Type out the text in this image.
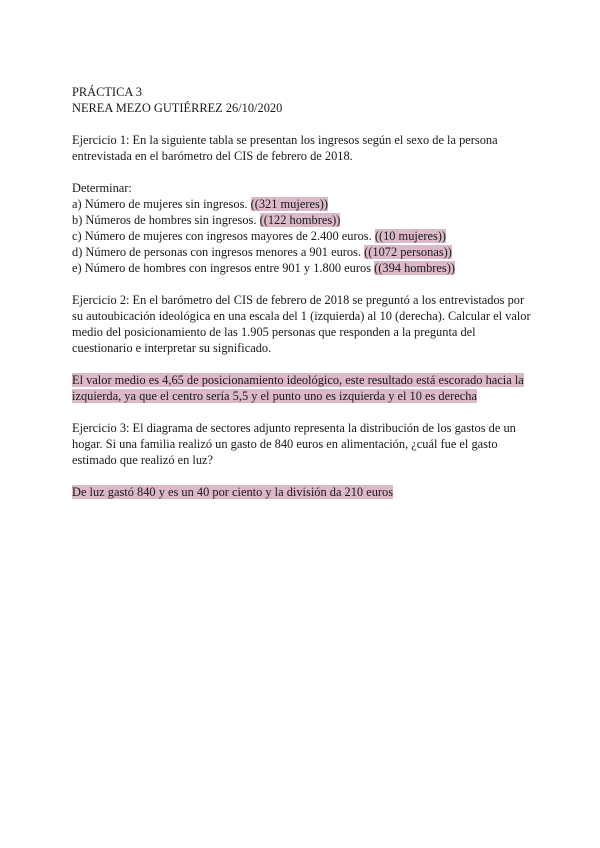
PRÁCTICA 3
NEREA MEZO GUTIÉRREZ 26/10/2020
Ejercicio 1: En la siguiente tabla se presentan los ingresos según el sexo de la persona
entrevistada en el barómetro del CIS de febrero de 2018.
Determinar:
a) Número de mujeres sin ingresos. ((321 mujeres))
b) Números de hombres sin ingresos. ((122 hombres))
c) Número de mujeres con ingresos mayores de 2.400 euros. ((10 mujeres))
d) Número de personas con ingresos menores a 901 euros. ((1072 personas))
e) Número de hombres con ingresos entre 901 y 1.800 euros ((394 hombres))
Ejercicio 2: En el barómetro del CIS de febrero de 2018 se preguntó a los entrevistados por
su autoubicación ideológica en una escala del 1 (izquierda) al 10 (derecha). Calcular el valor
medio del posicionamiento de las 1.905 personas que responden a la pregunta del
cuestionario e interpretar su significado.
El valor medio es 4,65 de posicionamiento ideológico, este resultado está escorado hacia la
izquierda, ya que el centro sería 5,5 y el punto uno es izquierda y el 10 es derecha
Ejercicio 3: El diagrama de sectores adjunto representa la distribución de los gastos de un
hogar. Si una familia realizó un gasto de 840 euros en alimentación, ¿cuál fue el gasto
estimado que realizó en luz?
De luz gastó 840 y es un 40 por ciento y la división da 210 euros
